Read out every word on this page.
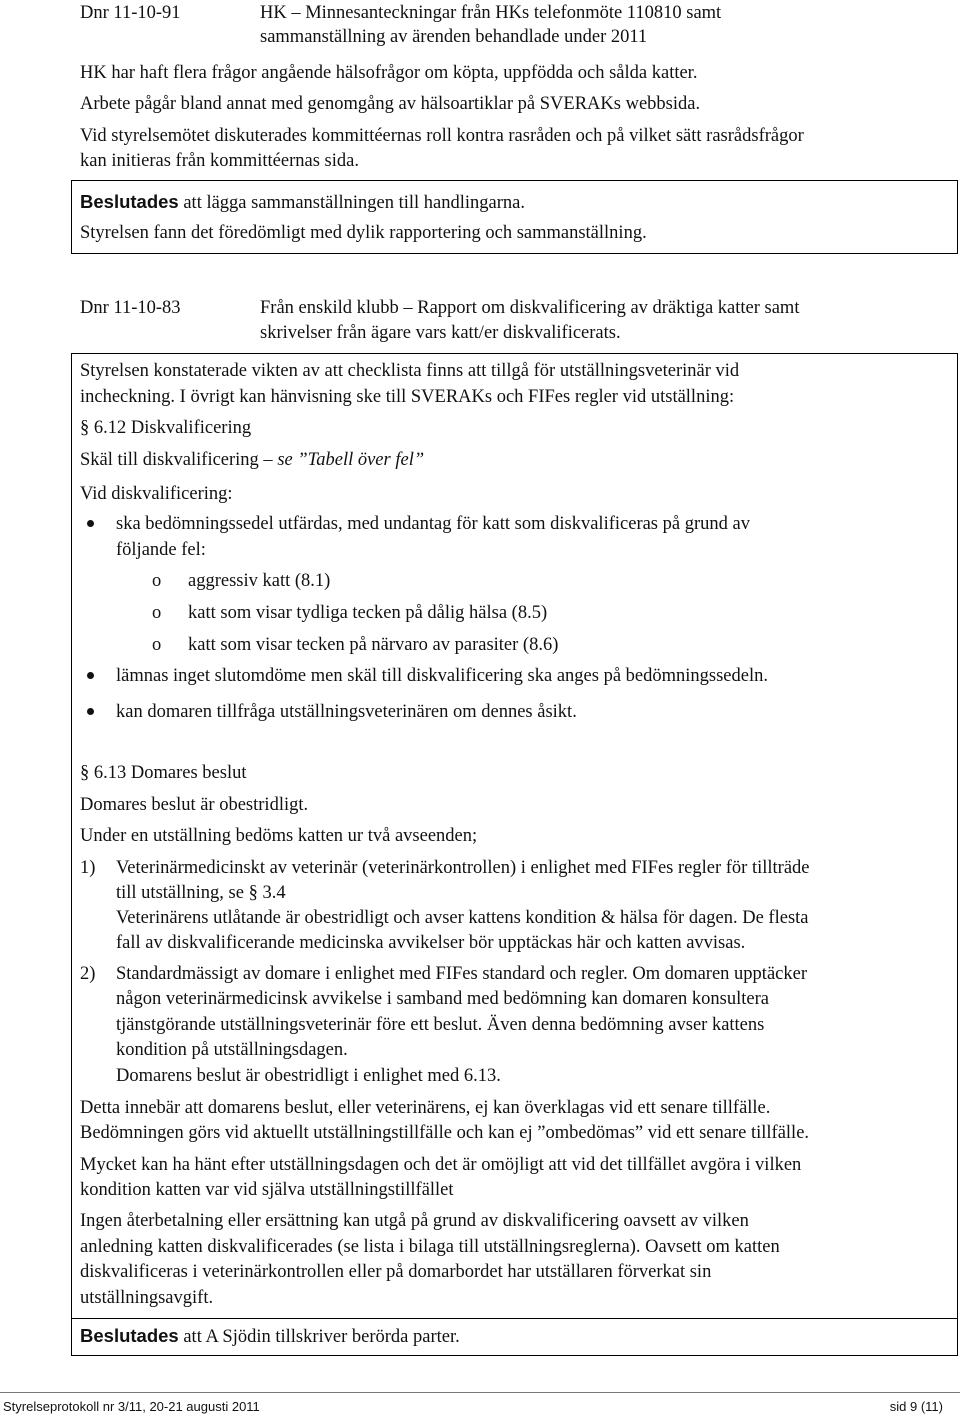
Dnr 11-10-91	HK – Minnesanteckningar från HKs telefonmöte 110810 samt
sammanställning av ärenden behandlade under 2011
HK har haft flera frågor angående hälsofrågor om köpta, uppfödda och sålda katter.
Arbete pågår bland annat med genomgång av hälsoartiklar på SVERAKs webbsida.
Vid styrelsemötet diskuterades kommittéernas roll kontra rasråden och på vilket sätt rasrådsfrågor
kan initieras från kommittéernas sida.
Beslutades att lägga sammanställningen till handlingarna.
Styrelsen fann det föredömligt med dylik rapportering och sammanställning.
Dnr 11-10-83	Från enskild klubb – Rapport om diskvalificering av dräktiga katter samt
skrivelser från ägare vars katt/er diskvalificerats.
Styrelsen konstaterade vikten av att checklista finns att tillgå för utställningsveterinär vid
incheckning. I övrigt kan hänvisning ske till SVERAKs och FIFes regler vid utställning:
§ 6.12 Diskvalificering
Skäl till diskvalificering – se ”Tabell över fel”
Vid diskvalificering:
ska bedömningssedel utfärdas, med undantag för katt som diskvalificeras på grund av
följande fel:
o aggressiv katt (8.1)
o katt som visar tydliga tecken på dålig hälsa (8.5)
o katt som visar tecken på närvaro av parasiter (8.6)
lämnas inget slutomdöme men skäl till diskvalificering ska anges på bedömningssedeln.
kan domaren tillfråga utställningsveterinären om dennes åsikt.
§ 6.13 Domares beslut
Domares beslut är obestridligt.
Under en utställning bedöms katten ur två avseenden;
1) Veterinärmedicinskt av veterinär (veterinärkontrollen) i enlighet med FIFes regler för tillträde
till utställning, se § 3.4
Veterinärens utlåtande är obestridligt och avser kattens kondition & hälsa för dagen. De flesta
fall av diskvalificerande medicinska avvikelser bör upptäckas här och katten avvisas.
2) Standardmässigt av domare i enlighet med FIFes standard och regler. Om domaren upptäcker
någon veterinärmedicinsk avvikelse i samband med bedömning kan domaren konsultera
tjänstgörande utställningsveterinär före ett beslut. Även denna bedömning avser kattens
kondition på utställningsdagen.
Domarens beslut är obestridligt i enlighet med 6.13.
Detta innebär att domarens beslut, eller veterinärens, ej kan överklagas vid ett senare tillfälle.
Bedömningen görs vid aktuellt utställningstillfälle och kan ej ”ombedömas” vid ett senare tillfälle.
Mycket kan ha hänt efter utställningsdagen och det är omöjligt att vid det tillfället avgöra i vilken
kondition katten var vid själva utställningstillfället
Ingen återbetalning eller ersättning kan utgå på grund av diskvalificering oavsett av vilken
anledning katten diskvalificerades (se lista i bilaga till utställningsreglerna). Oavsett om katten
diskvalificeras i veterinärkontrollen eller på domarbordet har utställaren förverkat sin
utställningsavgift.
Beslutades att A Sjödin tillskriver berörda parter.
Styrelseprotokoll nr 3/11, 20-21 augusti 2011	sid 9 (11)
